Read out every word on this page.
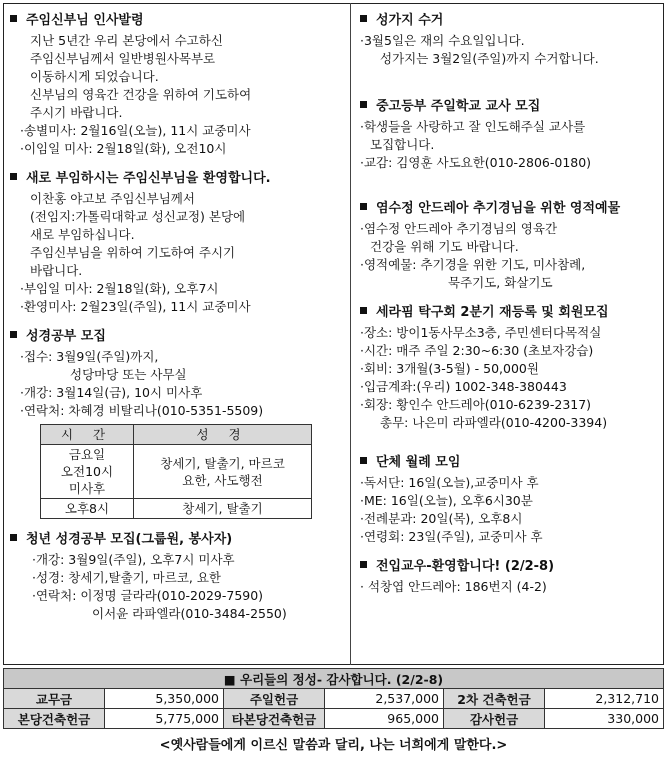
주임신부님 인사발령
지난 5년간 우리 본당에서 수고하신
주임신부님께서 일반병원사목부로
이동하시게 되었습니다.
신부님의 영육간 건강을 위하여 기도하여
주시기 바랍니다.
·송별미사: 2월16일(오늘), 11시 교중미사
·이임일 미사: 2월18일(화), 오전10시
새로 부임하시는 주임신부님을 환영합니다.
이찬홍 야고보 주임신부님께서
(전임지:가톨릭대학교 성신교정) 본당에
새로 부임하십니다.
주임신부님을 위하여 기도하여 주시기
바랍니다.
·부임일 미사: 2월18일(화), 오후7시
·환영미사: 2월23일(주일), 11시 교중미사
성경공부 모집
·접수: 3월9일(주일)까지,
성당마당 또는 사무실
·개강: 3월14일(금), 10시 미사후
·연락처: 차혜경 비탈리나(010-5351-5509)
시 간	성 경
금요일
오전10시
미사후	창세기, 탈출기, 마르코
요한, 사도행전
오후8시	창세기, 탈출기
청년 성경공부 모집(그룹원, 봉사자)
·개강: 3월9일(주일), 오후7시 미사후
·성경: 창세기,탈출기, 마르코, 요한
·연락처: 이정명 글라라(010-2029-7590)
이서윤 라파엘라(010-3484-2550)
성가지 수거
·3월5일은 재의 수요일입니다.
성가지는 3월2일(주일)까지 수거합니다.
중고등부 주일학교 교사 모집
·학생들을 사랑하고 잘 인도해주실 교사를
모집합니다.
·교감: 김영훈 사도요한(010-2806-0180)
염수정 안드레아 추기경님을 위한 영적예물
·염수정 안드레아 추기경님의 영육간
건강을 위해 기도 바랍니다.
·영적예물: 추기경을 위한 기도, 미사참례,
묵주기도, 화살기도
세라핌 탁구회 2분기 재등록 및 회원모집
·장소: 방이1동사무소3층, 주민센터다목적실
·시간: 매주 주일 2:30~6:30 (초보자강습)
·회비: 3개월(3-5월) - 50,000원
·입금계좌:(우리) 1002-348-380443
·회장: 황인수 안드레아(010-6239-2317)
총무: 나은미 라파엘라(010-4200-3394)
단체 월례 모임
·독서단: 16일(오늘),교중미사 후
·ME: 16일(오늘), 오후6시30분
·전례분과: 20일(목), 오후8시
·연령회: 23일(주일), 교중미사 후
전입교우-환영합니다! (2/2-8)
· 석창엽 안드레아: 186번지 (4-2)
■ 우리들의 정성- 감사합니다. (2/2-8)					
교무금	5,350,000	주일헌금	2,537,000	2차 건축헌금	2,312,710
본당건축헌금	5,775,000	타본당건축헌금	965,000	감사헌금	330,000
<옛사람들에게 이르신 말씀과 달리, 나는 너희에게 말한다.>
